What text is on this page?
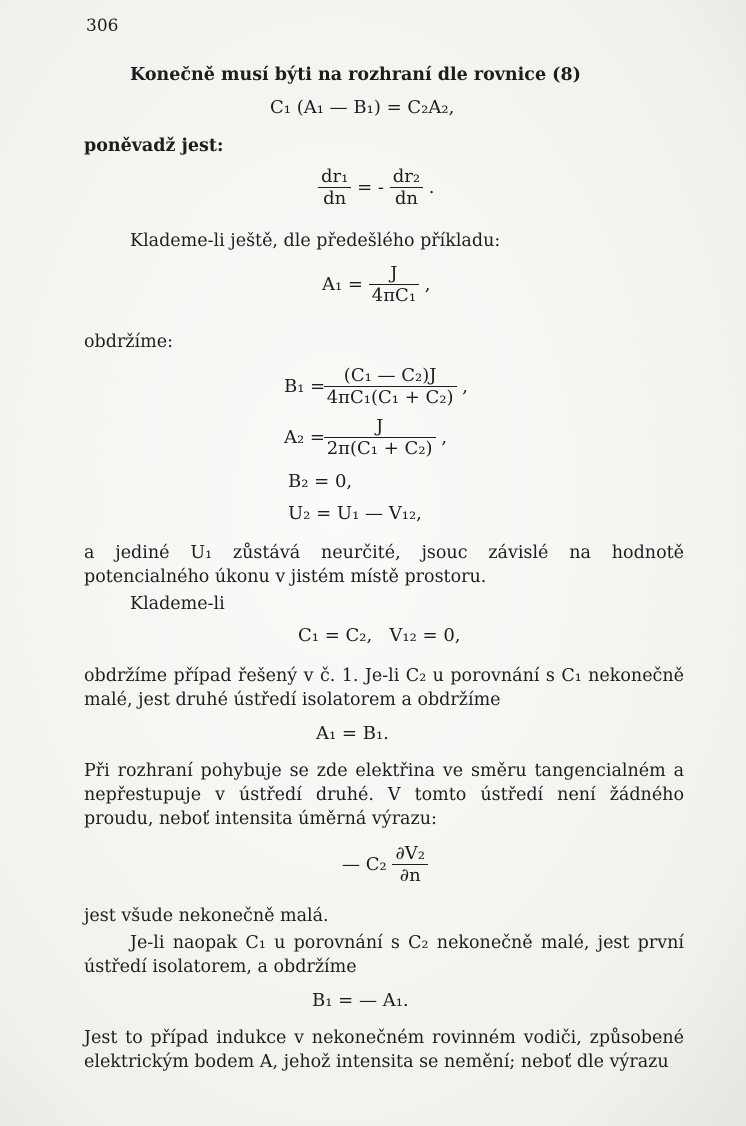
306

Konečně musí býti na rozhraní dle rovnice (8)

C₁ (A₁ — B₁) = C₂A₂,

poněvadž jest:

$\frac{\text{dr₁}}{dn}$ = - $\frac{\text{dr₂}}{dn}$ .

Klademe-li ještě, dle předešlého příkladu:

$A_1 = \frac{J}{\text{4πC₁}}$ ,

obdržíme:

B₁ =
$\frac{\text{(C₁ — C₂)J}}{\text{4πC₁(C₁ + C₂)}}$ ,
A₂ =
$\frac{J}{\text{2π(C₁ + C₂)}}$ ,
B₂ = 0,
U₂ = U₁ — V₁₂,

a jediné U₁ zůstává neurčité, jsouc závislé na hodnotě potencialného úkonu v jistém místě prostoru.

Klademe-li

C₁ = C₂,   V₁₂ = 0,

obdržíme případ řešený v č. 1. Je-li C₂ u porovnání s C₁ nekonečně malé, jest druhé ústředí isolatorem a obdržíme

A₁ = B₁.

Při rozhraní pohybuje se zde elektřina ve směru tangencialném a nepřestupuje v ústředí druhé. V tomto ústředí není žádného proudu, neboť intensita úměrná výrazu:

— $C_2 \frac{\text{∂V₂}}{\partial n}$

jest všude nekonečně malá.

Je-li naopak C₁ u porovnání s C₂ nekonečně malé, jest první ústředí isolatorem, a obdržíme

B₁ = — A₁.

Jest to případ indukce v nekonečném rovinném vodiči, způsobené elektrickým bodem A, jehož intensita se nemění; neboť dle výrazu
